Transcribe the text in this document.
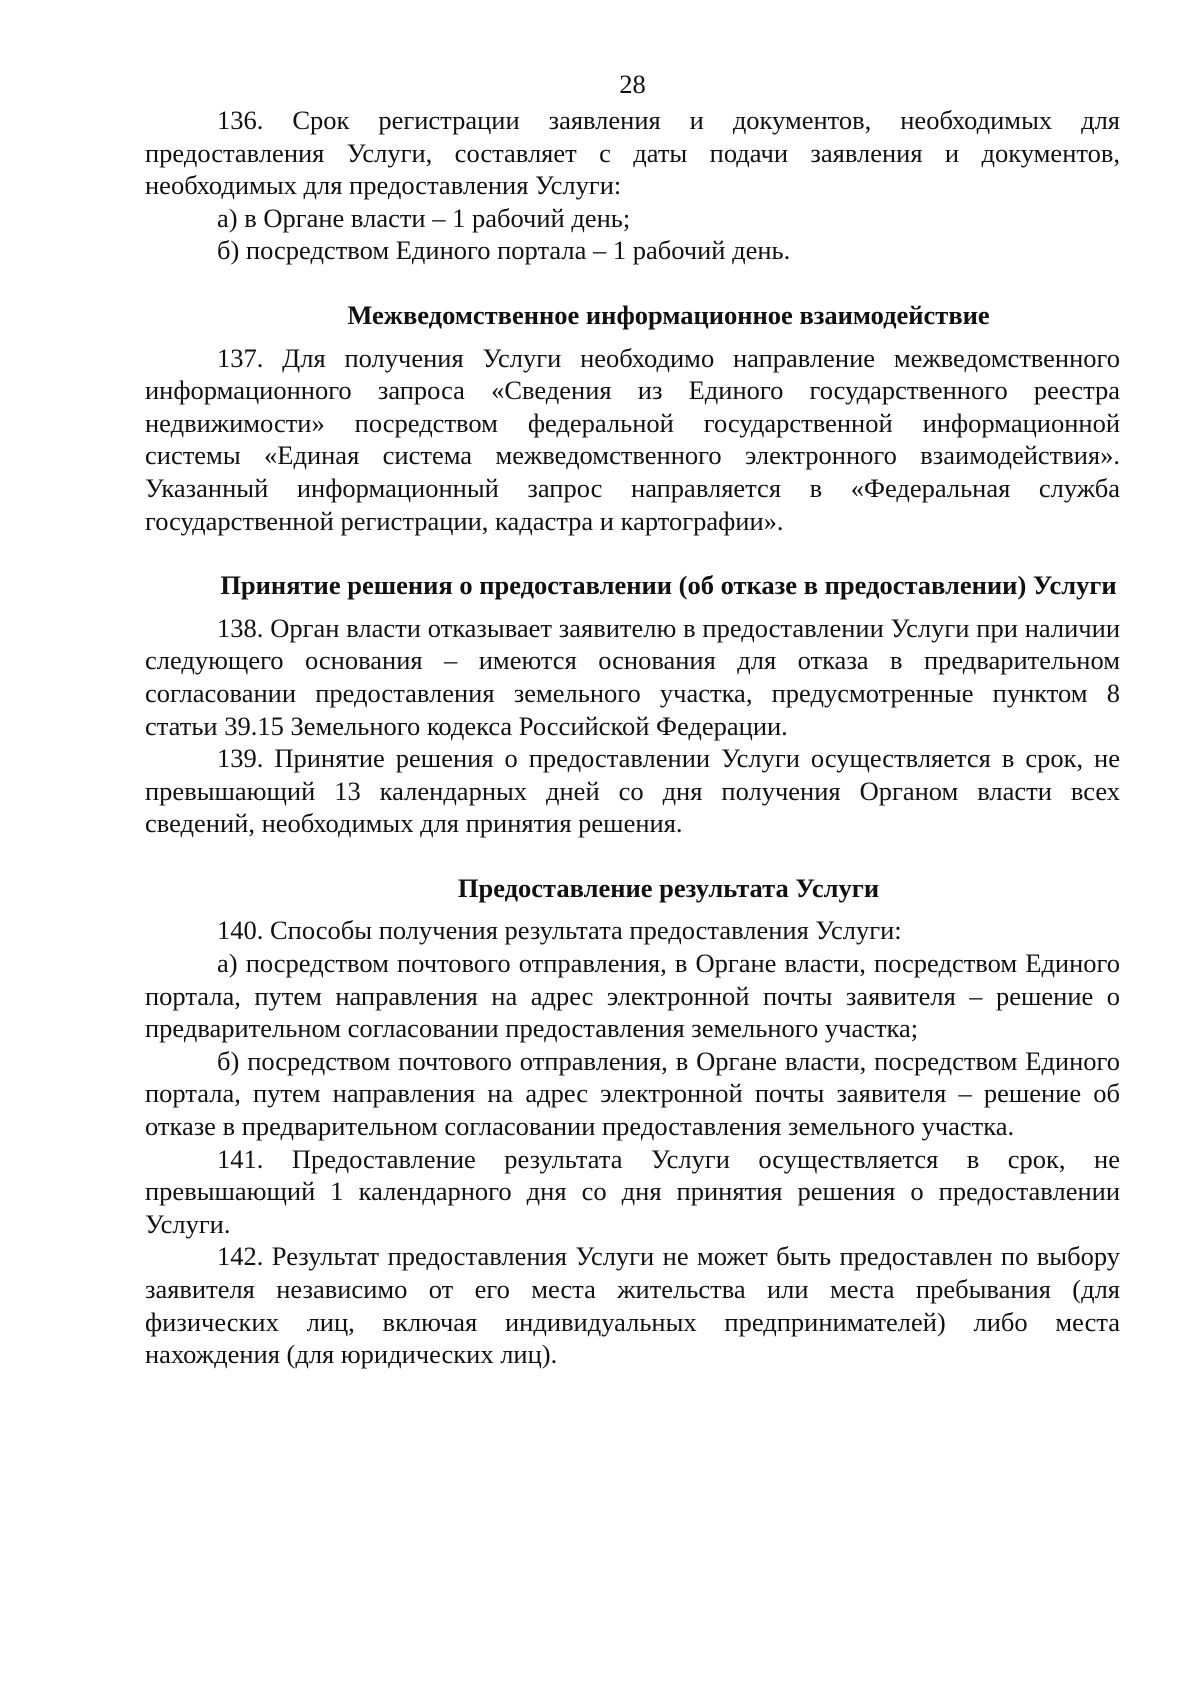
28

136. Срок регистрации заявления и документов, необходимых для предоставления Услуги, составляет с даты подачи заявления и документов, необходимых для предоставления Услуги:

а) в Органе власти – 1 рабочий день;

б) посредством Единого портала – 1 рабочий день.

Межведомственное информационное взаимодействие

137. Для получения Услуги необходимо направление межведомственного информационного запроса «Сведения из Единого государственного реестра недвижимости» посредством федеральной государственной информационной системы «Единая система межведомственного электронного взаимодействия». Указанный информационный запрос направляется в «Федеральная служба государственной регистрации, кадастра и картографии».

Принятие решения о предоставлении (об отказе в предоставлении) Услуги

138. Орган власти отказывает заявителю в предоставлении Услуги при наличии следующего основания – имеются основания для отказа в предварительном согласовании предоставления земельного участка, предусмотренные пунктом 8 статьи 39.15 Земельного кодекса Российской Федерации.

139. Принятие решения о предоставлении Услуги осуществляется в срок, не превышающий 13 календарных дней со дня получения Органом власти всех сведений, необходимых для принятия решения.

Предоставление результата Услуги

140. Способы получения результата предоставления Услуги:

а) посредством почтового отправления, в Органе власти, посредством Единого портала, путем направления на адрес электронной почты заявителя – решение о предварительном согласовании предоставления земельного участка;

б) посредством почтового отправления, в Органе власти, посредством Единого портала, путем направления на адрес электронной почты заявителя – решение об отказе в предварительном согласовании предоставления земельного участка.

141. Предоставление результата Услуги осуществляется в срок, не превышающий 1 календарного дня со дня принятия решения о предоставлении Услуги.

142. Результат предоставления Услуги не может быть предоставлен по выбору заявителя независимо от его места жительства или места пребывания (для физических лиц, включая индивидуальных предпринимателей) либо места нахождения (для юридических лиц).
